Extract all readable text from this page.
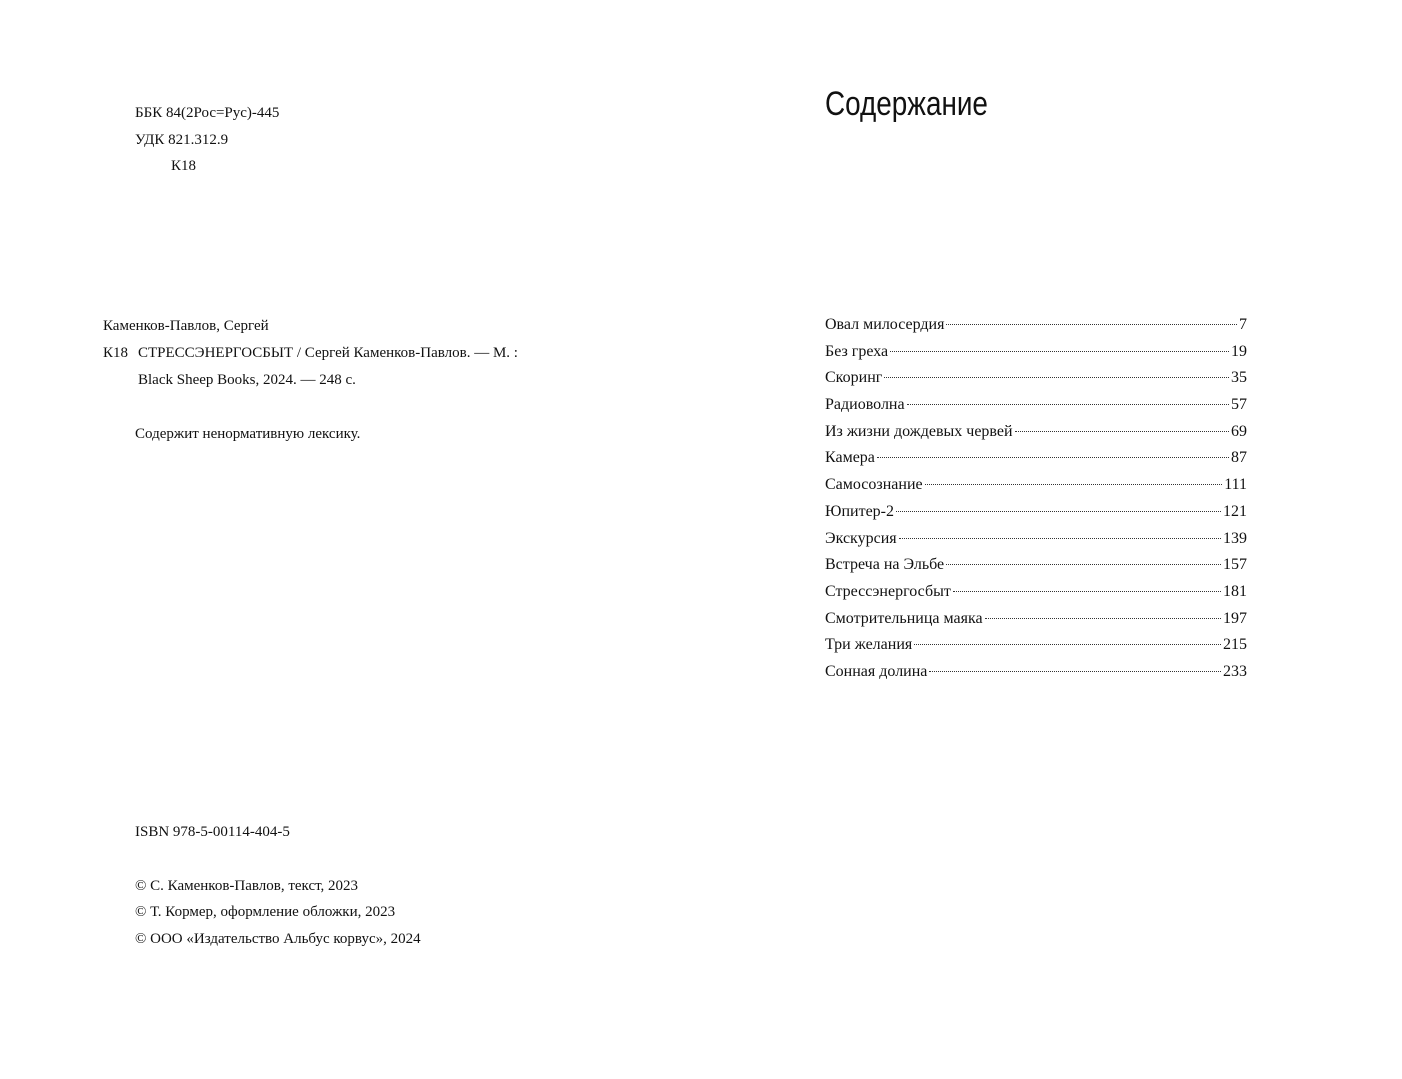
ББК 84(2Рос=Рус)-445
УДК 821.312.9
К18
Каменков-Павлов, Сергей
К18 СТРЕССЭНЕРГОСБЫТ / Сергей Каменков-Павлов. — М. :
Black Sheep Books, 2024. — 248 с.
Содержит ненормативную лексику.
ISBN 978-5-00114-404-5
© С. Каменков-Павлов, текст, 2023
© Т. Кормер, оформление обложки, 2023
© ООО «Издательство Альбус корвус», 2024
Содержание
Овал милосердия	7
Без греха	19
Скоринг	35
Радиоволна	57
Из жизни дождевых червей	69
Камера	87
Самосознание	111
Юпитер-2	121
Экскурсия	139
Встреча на Эльбе	157
Стрессэнергосбыт	181
Смотрительница маяка	197
Три желания	215
Сонная долина	233
